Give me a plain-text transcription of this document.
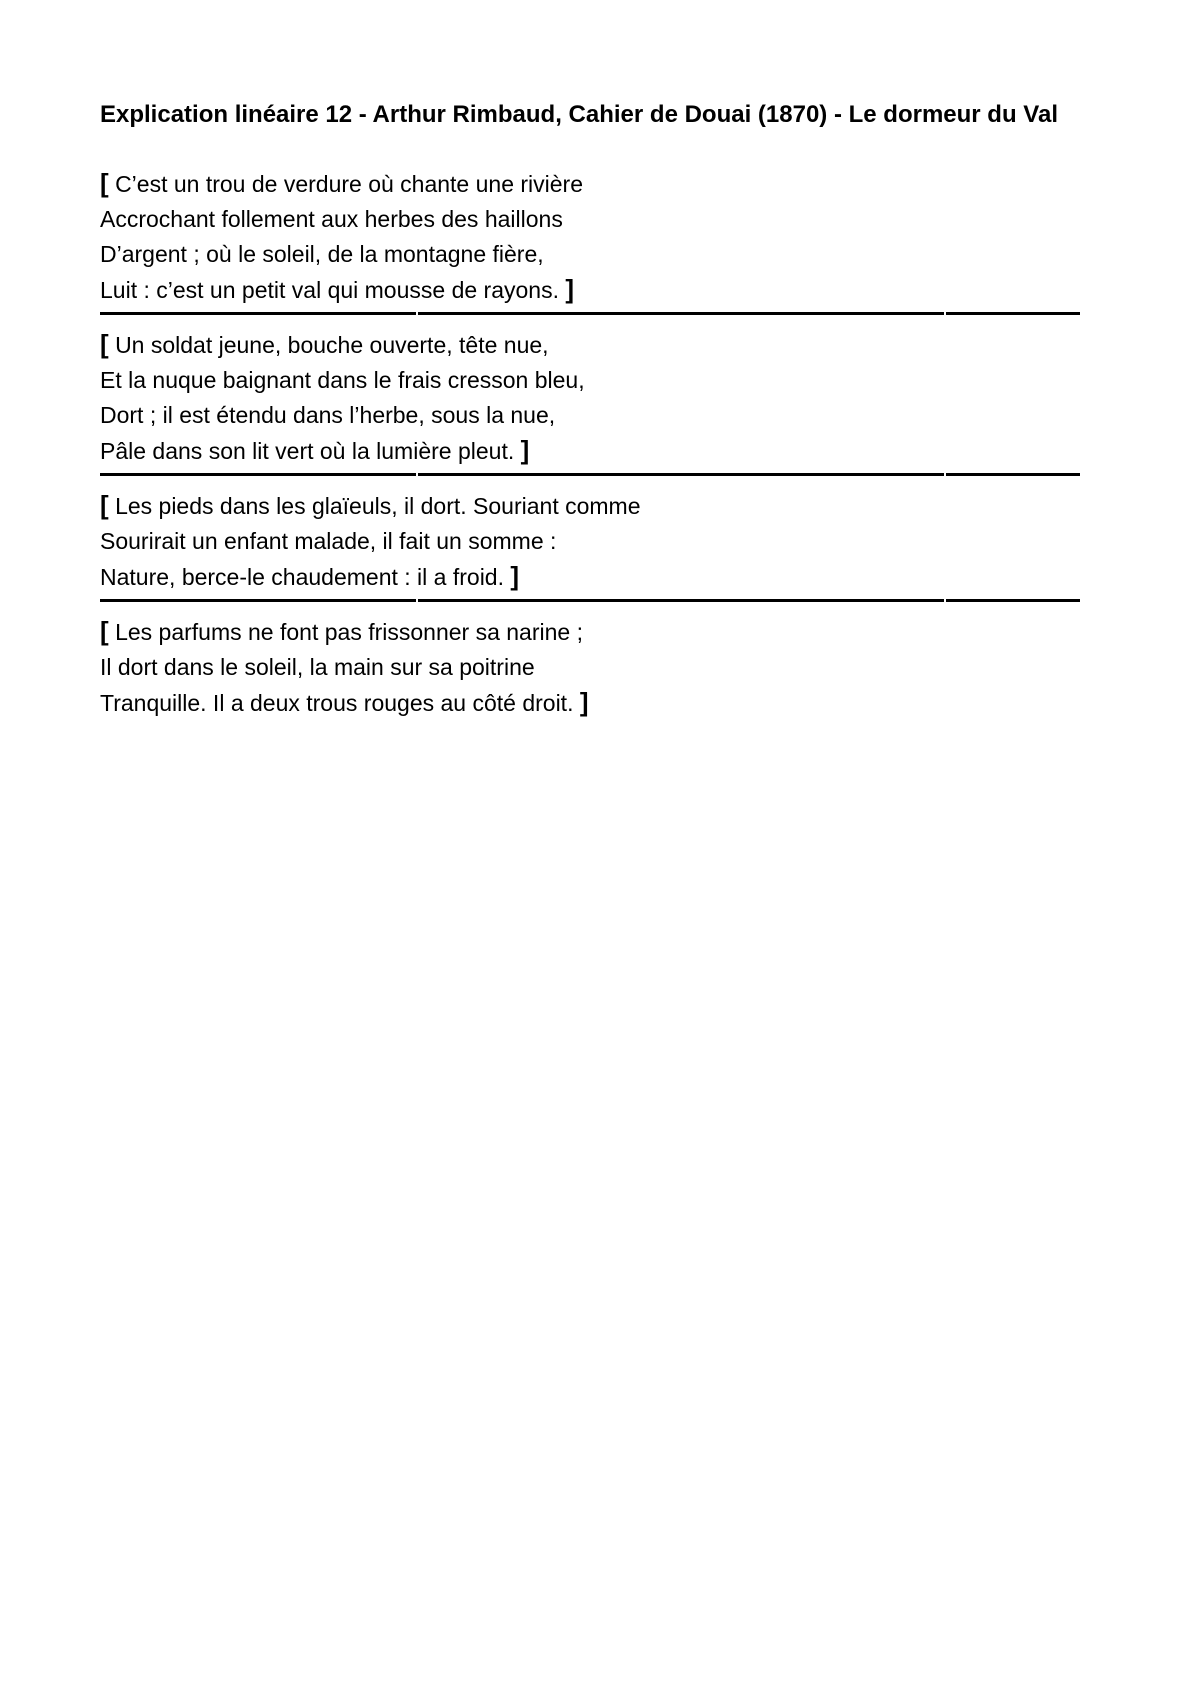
Explication linéaire 12 - Arthur Rimbaud, Cahier de Douai (1870) - Le dormeur du Val
[ C’est un trou de verdure où chante une rivière
Accrochant follement aux herbes des haillons
D’argent ; où le soleil, de la montagne fière,
Luit : c’est un petit val qui mousse de rayons. ]
[ Un soldat jeune, bouche ouverte, tête nue,
Et la nuque baignant dans le frais cresson bleu,
Dort ; il est étendu dans l’herbe, sous la nue,
Pâle dans son lit vert où la lumière pleut. ]
[ Les pieds dans les glaïeuls, il dort. Souriant comme
Sourirait un enfant malade, il fait un somme :
Nature, berce-le chaudement : il a froid. ]
[ Les parfums ne font pas frissonner sa narine ;
Il dort dans le soleil, la main sur sa poitrine
Tranquille. Il a deux trous rouges au côté droit. ]
